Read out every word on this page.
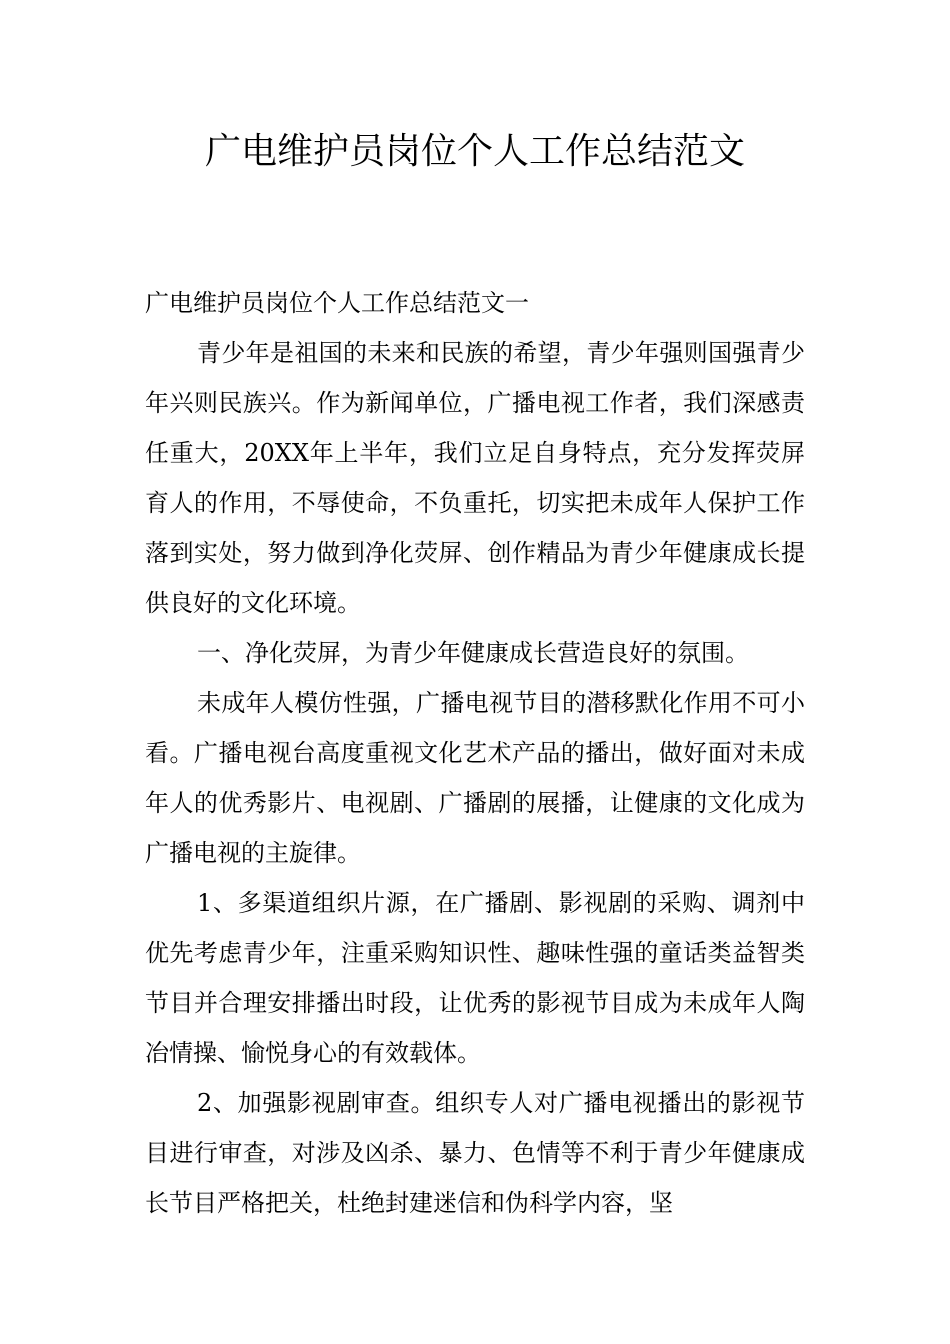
广电维护员岗位个人工作总结范文

广电维护员岗位个人工作总结范文一

青少年是祖国的未来和民族的希望，青少年强则国强青少年兴则民族兴。作为新闻单位，广播电视工作者，我们深感责任重大，20XX年上半年，我们立足自身特点，充分发挥荧屏育人的作用，不辱使命，不负重托，切实把未成年人保护工作落到实处，努力做到净化荧屏、创作精品为青少年健康成长提供良好的文化环境。

一、净化荧屏，为青少年健康成长营造良好的氛围。

未成年人模仿性强，广播电视节目的潜移默化作用不可小看。广播电视台高度重视文化艺术产品的播出，做好面对未成年人的优秀影片、电视剧、广播剧的展播，让健康的文化成为广播电视的主旋律。

1、多渠道组织片源，在广播剧、影视剧的采购、调剂中优先考虑青少年，注重采购知识性、趣味性强的童话类益智类节目并合理安排播出时段，让优秀的影视节目成为未成年人陶冶情操、愉悦身心的有效载体。

2、加强影视剧审查。组织专人对广播电视播出的影视节目进行审查，对涉及凶杀、暴力、色情等不利于青少年健康成长节目严格把关，杜绝封建迷信和伪科学内容，坚
